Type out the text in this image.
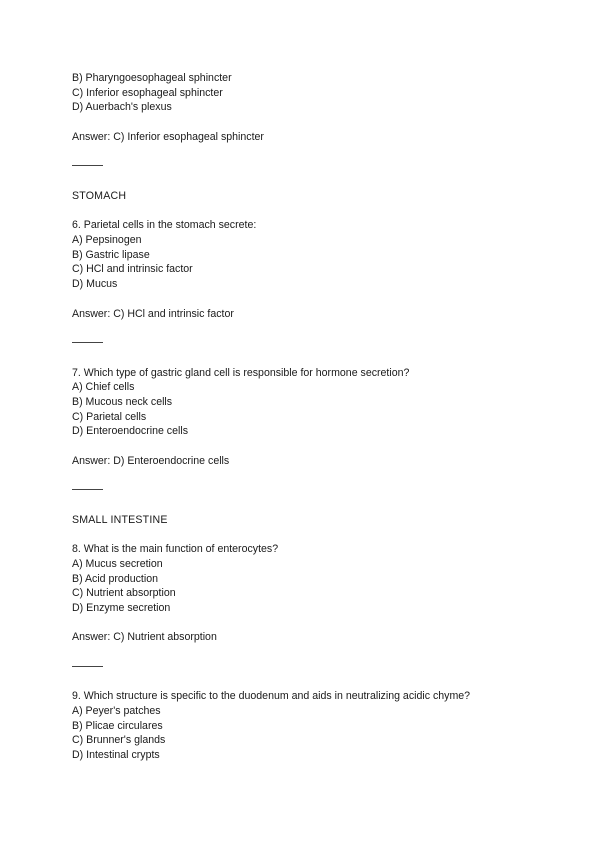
B) Pharyngoesophageal sphincter
C) Inferior esophageal sphincter
D) Auerbach's plexus
Answer: C) Inferior esophageal sphincter
STOMACH
6. Parietal cells in the stomach secrete:
A) Pepsinogen
B) Gastric lipase
C) HCl and intrinsic factor
D) Mucus
Answer: C) HCl and intrinsic factor
7. Which type of gastric gland cell is responsible for hormone secretion?
A) Chief cells
B) Mucous neck cells
C) Parietal cells
D) Enteroendocrine cells
Answer: D) Enteroendocrine cells
SMALL INTESTINE
8. What is the main function of enterocytes?
A) Mucus secretion
B) Acid production
C) Nutrient absorption
D) Enzyme secretion
Answer: C) Nutrient absorption
9. Which structure is specific to the duodenum and aids in neutralizing acidic chyme?
A) Peyer's patches
B) Plicae circulares
C) Brunner's glands
D) Intestinal crypts
